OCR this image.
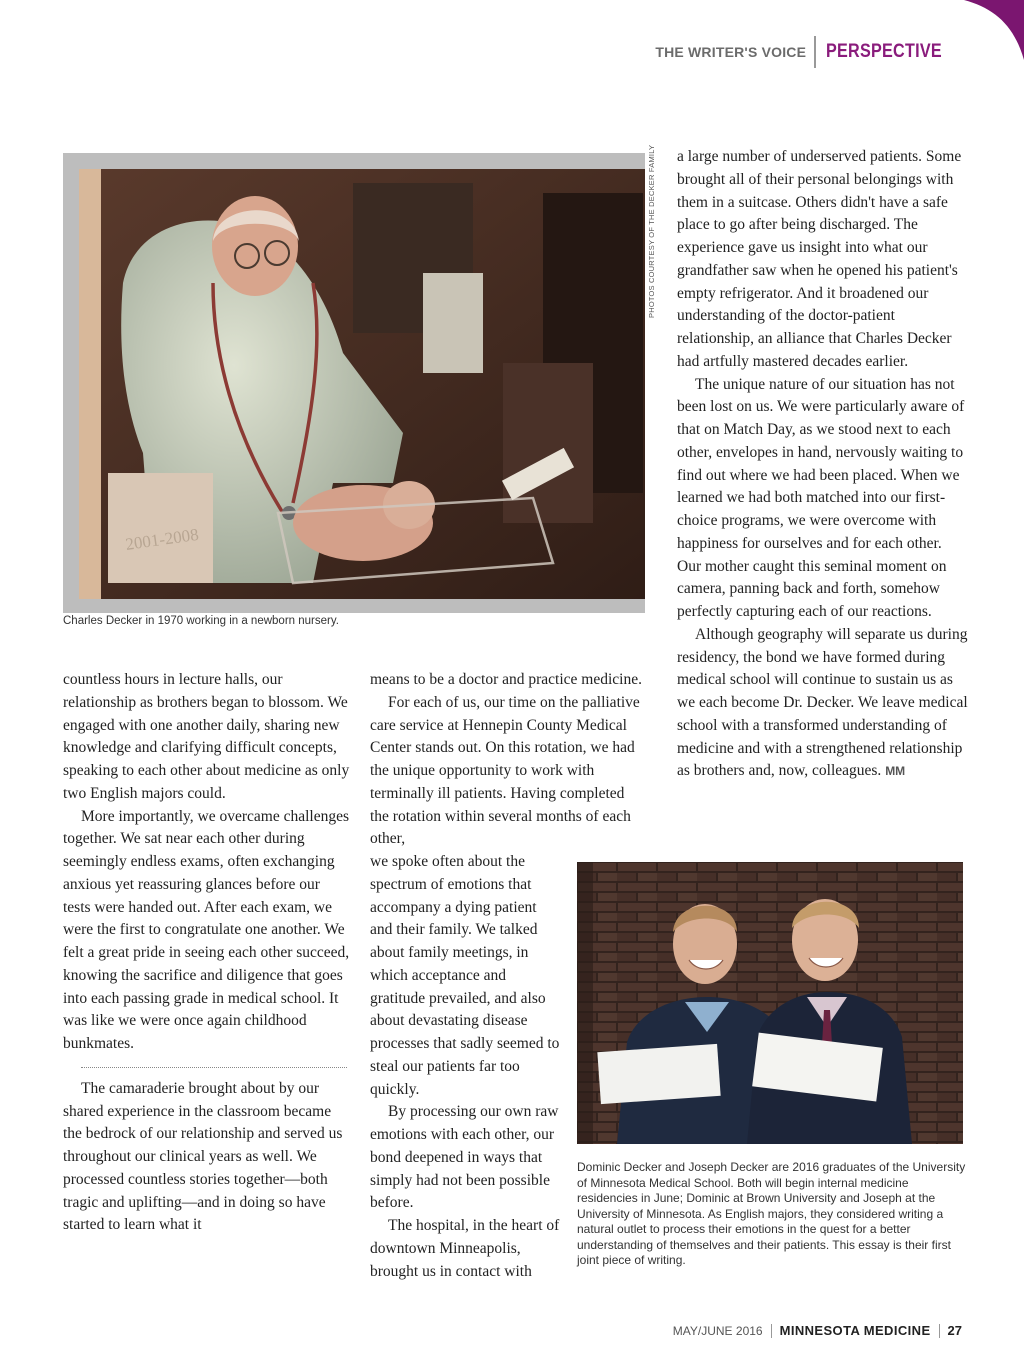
THE WRITER'S VOICE PERSPECTIVE
2001-2008
PHOTOS COURTESY OF THE DECKER FAMILY
Charles Decker in 1970 working in a newborn nursery.

countless hours in lecture halls, our relationship as brothers began to blossom. We engaged with one another daily, sharing new knowledge and clarifying difficult concepts, speaking to each other about medicine as only two English majors could.

More importantly, we overcame challenges together. We sat near each other during seemingly endless exams, often exchanging anxious yet reassuring glances before our tests were handed out. After each exam, we were the first to congratulate one another. We felt a great pride in seeing each other succeed, knowing the sacrifice and diligence that goes into each passing grade in medical school. It was like we were once again childhood bunkmates.

The camaraderie brought about by our shared experience in the classroom became the bedrock of our relationship and served us throughout our clinical years as well. We processed countless stories together—both tragic and uplifting—and in doing so have started to learn what it

means to be a doctor and practice medicine.

For each of us, our time on the palliative care service at Hennepin County Medical Center stands out. On this rotation, we had the unique opportunity to work with terminally ill patients. Having completed the rotation within several months of each other,

we spoke often about the spectrum of emotions that accompany a dying patient and their family. We talked about family meetings, in which acceptance and gratitude prevailed, and also about devastating disease processes that sadly seemed to steal our patients far too quickly.

By processing our own raw emotions with each other, our bond deepened in ways that simply had not been possible before.

The hospital, in the heart of downtown Minneapolis, brought us in contact with

a large number of underserved patients. Some brought all of their personal belongings with them in a suitcase. Others didn't have a safe place to go after being discharged. The experience gave us insight into what our grandfather saw when he opened his patient's empty refrigerator. And it broadened our understanding of the doctor-patient relationship, an alliance that Charles Decker had artfully mastered decades earlier.

The unique nature of our situation has not been lost on us. We were particularly aware of that on Match Day, as we stood next to each other, envelopes in hand, nervously waiting to find out where we had been placed. When we learned we had both matched into our first-choice programs, we were overcome with happiness for ourselves and for each other. Our mother caught this seminal moment on camera, panning back and forth, somehow perfectly capturing each of our reactions.

Although geography will separate us during residency, the bond we have formed during medical school will continue to sustain us as we each become Dr. Decker. We leave medical school with a transformed understanding of medicine and with a strengthened relationship as brothers and, now, colleagues. MM

Dominic Decker and Joseph Decker are 2016 graduates of the University of Minnesota Medical School. Both will begin internal medicine residencies in June; Dominic at Brown University and Joseph at the University of Minnesota. As English majors, they considered writing a natural outlet to process their emotions in the quest for a better understanding of themselves and their patients. This essay is their first joint piece of writing.
MAY/JUNE 2016 MINNESOTA MEDICINE 27
